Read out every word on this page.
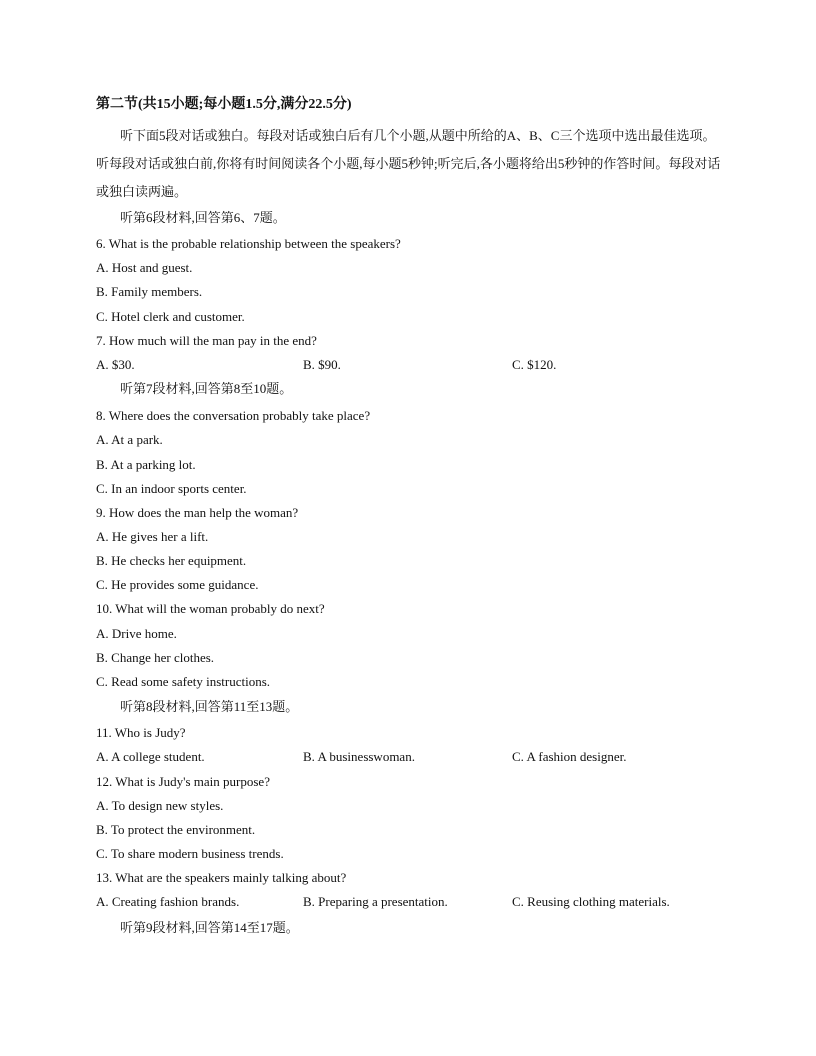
第二节(共15小题;每小题1.5分,满分22.5分)
听下面5段对话或独白。每段对话或独白后有几个小题,从题中所给的A、B、C三个选项中选出最佳选项。听每段对话或独白前,你将有时间阅读各个小题,每小题5秒钟;听完后,各小题将给出5秒钟的作答时间。每段对话或独白读两遍。
听第6段材料,回答第6、7题。
6. What is the probable relationship between the speakers?
A. Host and guest.
B. Family members.
C. Hotel clerk and customer.
7. How much will the man pay in the end?
A. $30.	B. $90.	C. $120.
听第7段材料,回答第8至10题。
8. Where does the conversation probably take place?
A. At a park.
B. At a parking lot.
C. In an indoor sports center.
9. How does the man help the woman?
A. He gives her a lift.
B. He checks her equipment.
C. He provides some guidance.
10. What will the woman probably do next?
A. Drive home.
B. Change her clothes.
C. Read some safety instructions.
听第8段材料,回答第11至13题。
11. Who is Judy?
A. A college student.	B. A businesswoman.	C. A fashion designer.
12. What is Judy's main purpose?
A. To design new styles.
B. To protect the environment.
C. To share modern business trends.
13. What are the speakers mainly talking about?
A. Creating fashion brands.	B. Preparing a presentation.	C. Reusing clothing materials.
听第9段材料,回答第14至17题。
